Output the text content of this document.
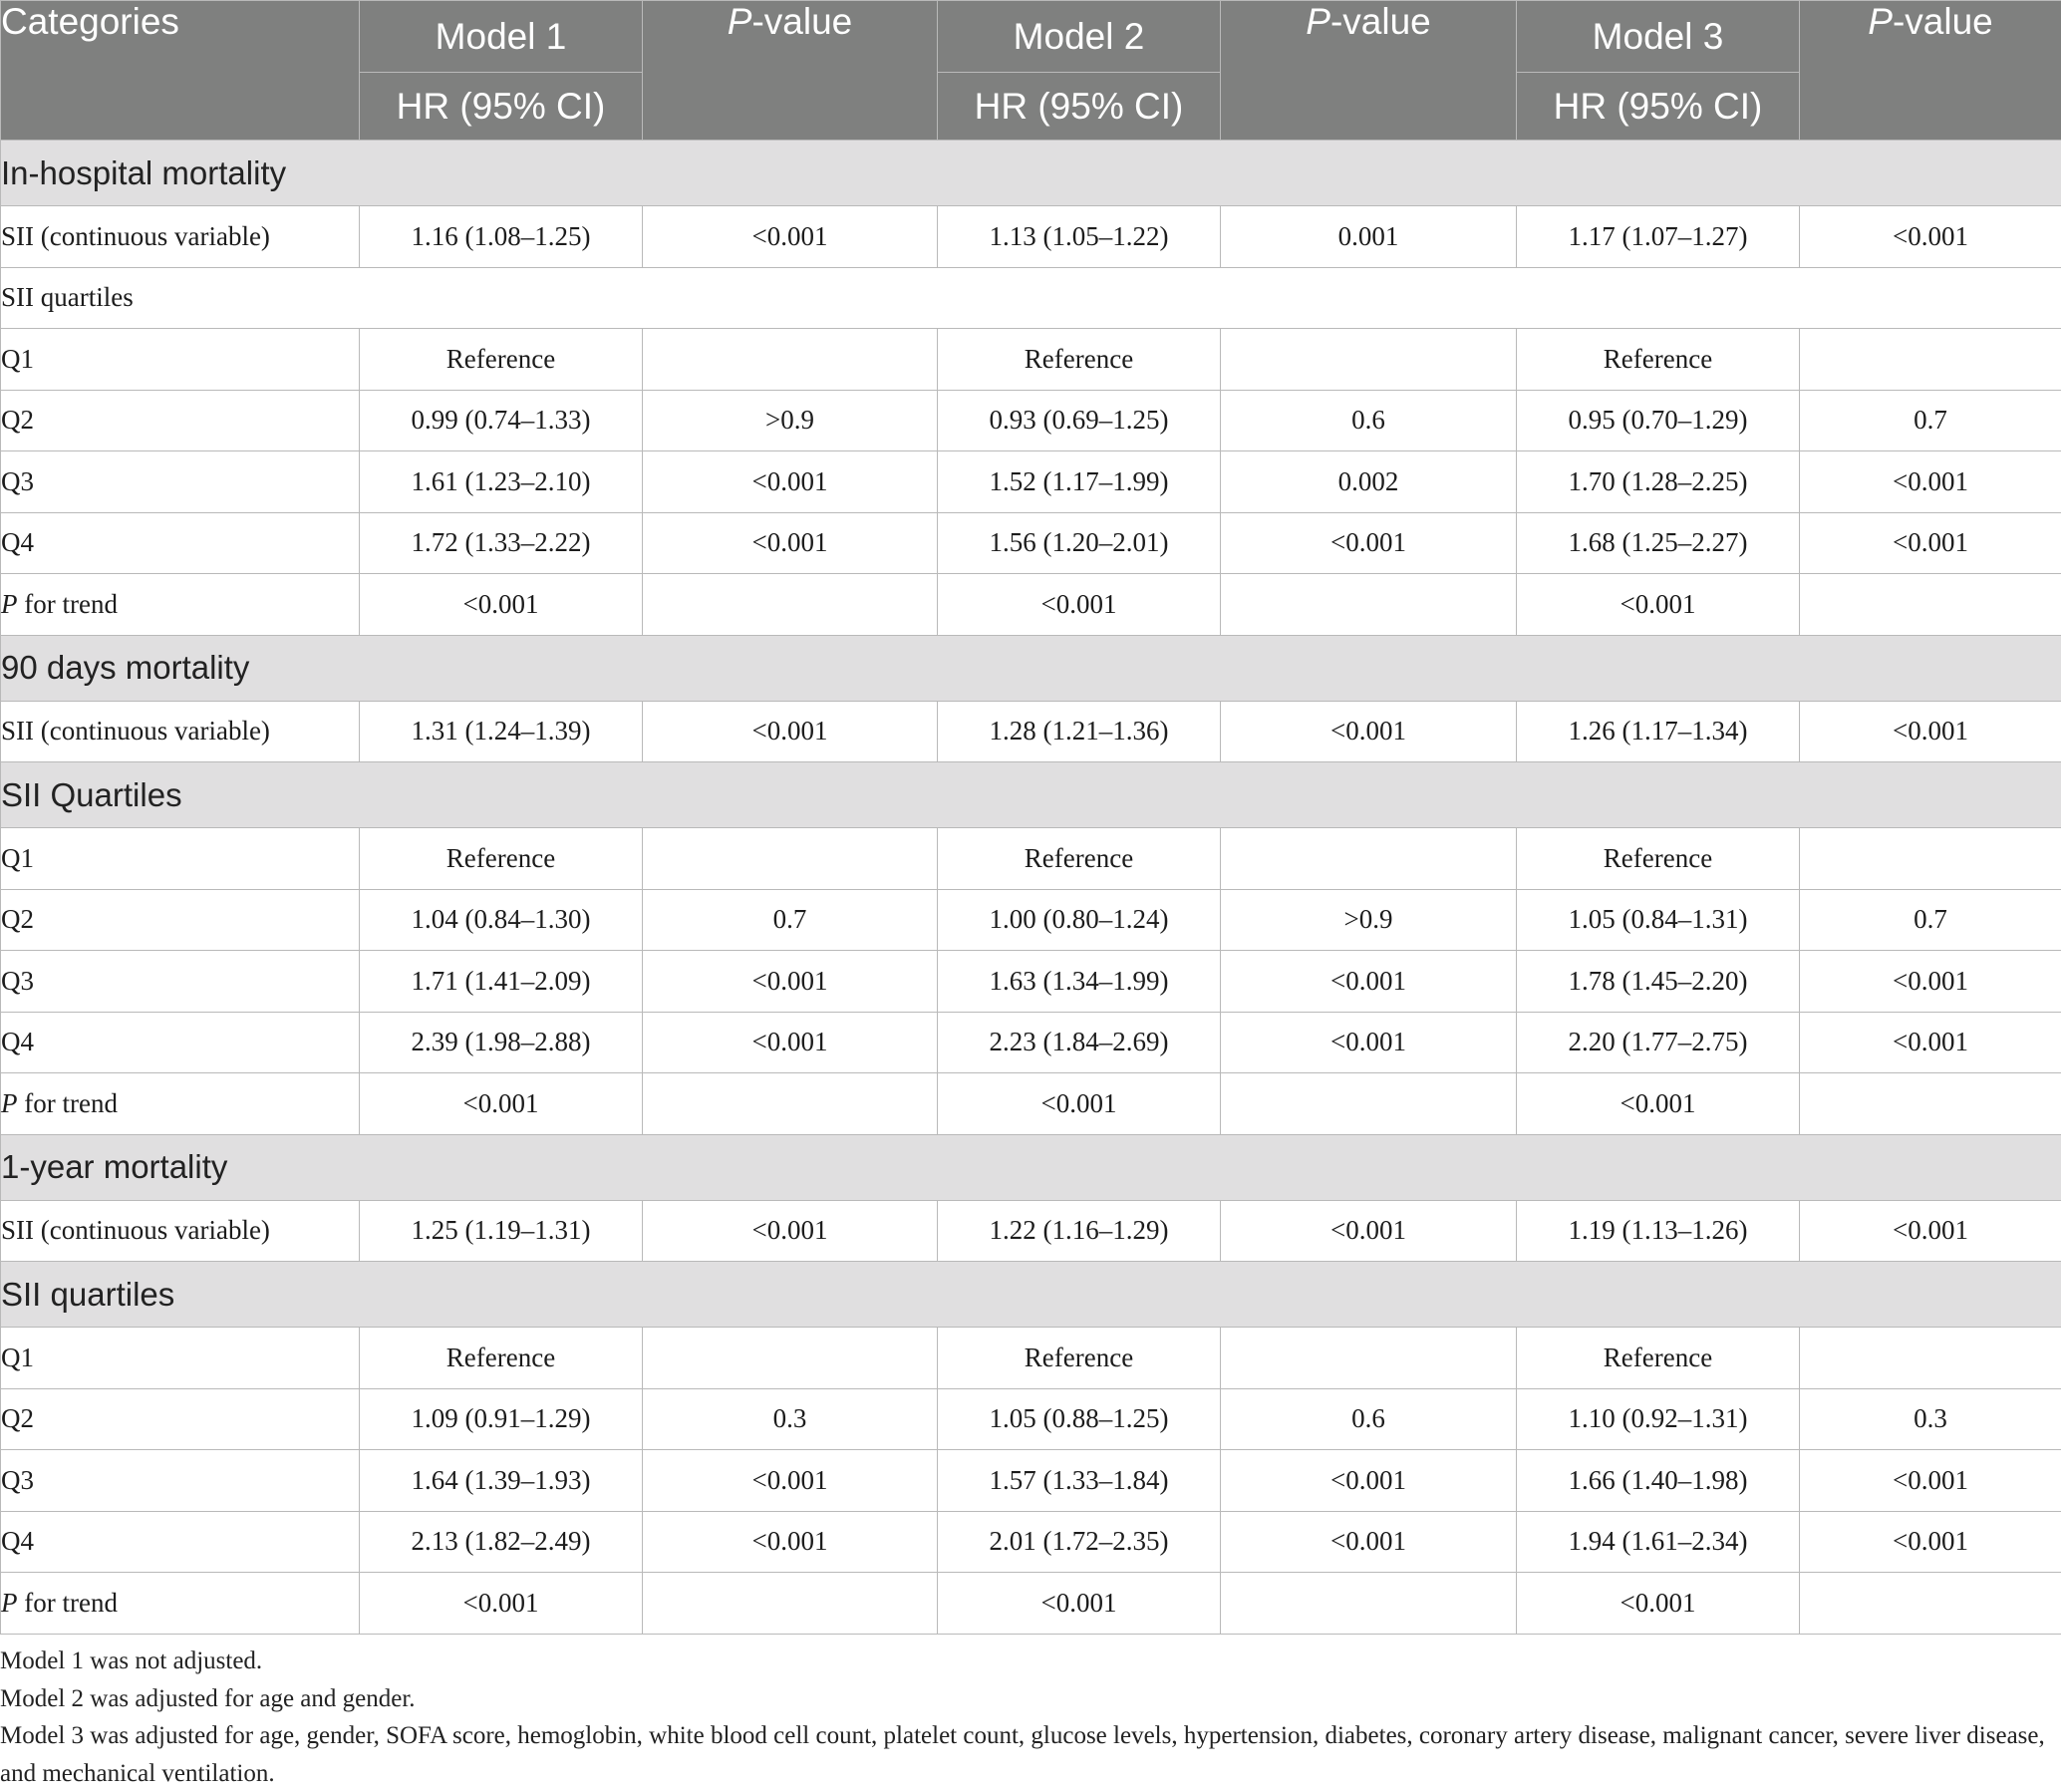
Categories	Model 1	P-value	Model 2	P-value	Model 3	P-value
	HR (95% CI)		HR (95% CI)		HR (95% CI)	
In-hospital mortality						
SII (continuous variable)	1.16 (1.08–1.25)	<0.001	1.13 (1.05–1.22)	0.001	1.17 (1.07–1.27)	<0.001
SII quartiles						
Q1	Reference		Reference		Reference	
Q2	0.99 (0.74–1.33)	>0.9	0.93 (0.69–1.25)	0.6	0.95 (0.70–1.29)	0.7
Q3	1.61 (1.23–2.10)	<0.001	1.52 (1.17–1.99)	0.002	1.70 (1.28–2.25)	<0.001
Q4	1.72 (1.33–2.22)	<0.001	1.56 (1.20–2.01)	<0.001	1.68 (1.25–2.27)	<0.001
P for trend	<0.001		<0.001		<0.001	
90 days mortality						
SII (continuous variable)	1.31 (1.24–1.39)	<0.001	1.28 (1.21–1.36)	<0.001	1.26 (1.17–1.34)	<0.001
SII Quartiles						
Q1	Reference		Reference		Reference	
Q2	1.04 (0.84–1.30)	0.7	1.00 (0.80–1.24)	>0.9	1.05 (0.84–1.31)	0.7
Q3	1.71 (1.41–2.09)	<0.001	1.63 (1.34–1.99)	<0.001	1.78 (1.45–2.20)	<0.001
Q4	2.39 (1.98–2.88)	<0.001	2.23 (1.84–2.69)	<0.001	2.20 (1.77–2.75)	<0.001
P for trend	<0.001		<0.001		<0.001	
1-year mortality						
SII (continuous variable)	1.25 (1.19–1.31)	<0.001	1.22 (1.16–1.29)	<0.001	1.19 (1.13–1.26)	<0.001
SII quartiles						
Q1	Reference		Reference		Reference	
Q2	1.09 (0.91–1.29)	0.3	1.05 (0.88–1.25)	0.6	1.10 (0.92–1.31)	0.3
Q3	1.64 (1.39–1.93)	<0.001	1.57 (1.33–1.84)	<0.001	1.66 (1.40–1.98)	<0.001
Q4	2.13 (1.82–2.49)	<0.001	2.01 (1.72–2.35)	<0.001	1.94 (1.61–2.34)	<0.001
P for trend	<0.001		<0.001		<0.001	
Model 1 was not adjusted.
Model 2 was adjusted for age and gender.
Model 3 was adjusted for age, gender, SOFA score, hemoglobin, white blood cell count, platelet count, glucose levels, hypertension, diabetes, coronary artery disease, malignant cancer, severe liver disease, and mechanical ventilation.
